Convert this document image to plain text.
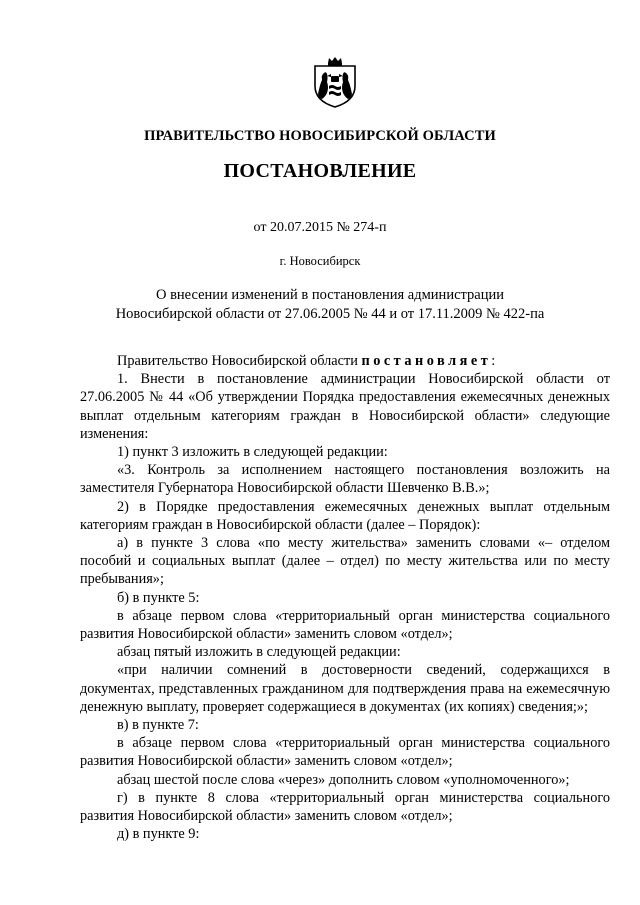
ПРАВИТЕЛЬСТВО НОВОСИБИРСКОЙ ОБЛАСТИ
ПОСТАНОВЛЕНИЕ
от 20.07.2015 № 274-п
г. Новосибирск
О внесении изменений в постановления администрации
Новосибирской области от 27.06.2005 № 44 и от 17.11.2009 № 422-па

Правительство Новосибирской области постановляет:

1. Внести в постановление администрации Новосибирской области от 27.06.2005 № 44 «Об утверждении Порядка предоставления ежемесячных денежных выплат отдельным категориям граждан в Новосибирской области» следующие изменения:

1) пункт 3 изложить в следующей редакции:

«3. Контроль за исполнением настоящего постановления возложить на заместителя Губернатора Новосибирской области Шевченко В.В.»;

2) в Порядке предоставления ежемесячных денежных выплат отдельным категориям граждан в Новосибирской области (далее – Порядок):

а) в пункте 3 слова «по месту жительства» заменить словами «– отделом пособий и социальных выплат (далее – отдел) по месту жительства или по месту пребывания»;

б) в пункте 5:

в абзаце первом слова «территориальный орган министерства социального развития Новосибирской области» заменить словом «отдел»;

абзац пятый изложить в следующей редакции:

«при наличии сомнений в достоверности сведений, содержащихся в документах, представленных гражданином для подтверждения права на ежемесячную денежную выплату, проверяет содержащиеся в документах (их копиях) сведения;»;

в) в пункте 7:

в абзаце первом слова «территориальный орган министерства социального развития Новосибирской области» заменить словом «отдел»;

абзац шестой после слова «через» дополнить словом «уполномоченного»;

г) в пункте 8 слова «территориальный орган министерства социального развития Новосибирской области» заменить словом «отдел»;

д) в пункте 9:
